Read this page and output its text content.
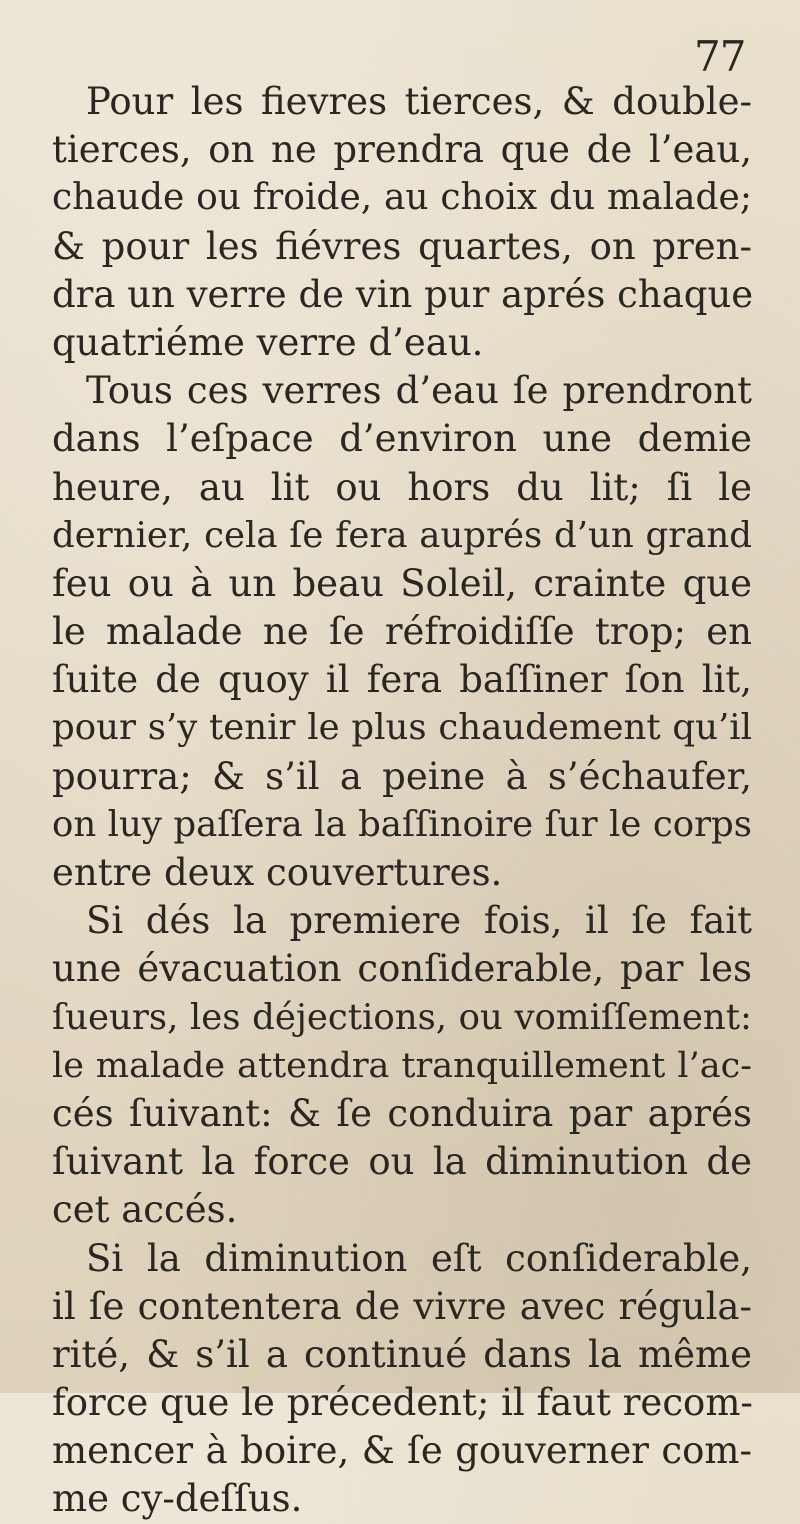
77
Pour les fievres tierces, & double-
tierces, on ne prendra que de l’eau,
chaude ou froide, au choix du malade;
& pour les fiévres quartes, on pren-
dra un verre de vin pur aprés chaque
quatriéme verre d’eau.
Tous ces verres d’eau ſe prendront
dans l’eſpace d’environ une demie
heure, au lit ou hors du lit; ſi le
dernier, cela ſe fera auprés d’un grand
feu ou à un beau Soleil, crainte que
le malade ne ſe réfroidiſſe trop; en
ſuite de quoy il fera baſſiner ſon lit,
pour s’y tenir le plus chaudement qu’il
pourra; & s’il a peine à s’échaufer,
on luy paſſera la baſſinoire ſur le corps
entre deux couvertures.
Si dés la premiere fois, il ſe fait
une évacuation conſiderable, par les
ſueurs, les déjections, ou vomiſſement:
le malade attendra tranquillement l’ac-
cés ſuivant: & ſe conduira par aprés
ſuivant la force ou la diminution de
cet accés.
Si la diminution eſt conſiderable,
il ſe contentera de vivre avec régula-
rité, & s’il a continué dans la même
force que le précedent; il faut recom-
mencer à boire, & ſe gouverner com-
me cy-deſſus.
